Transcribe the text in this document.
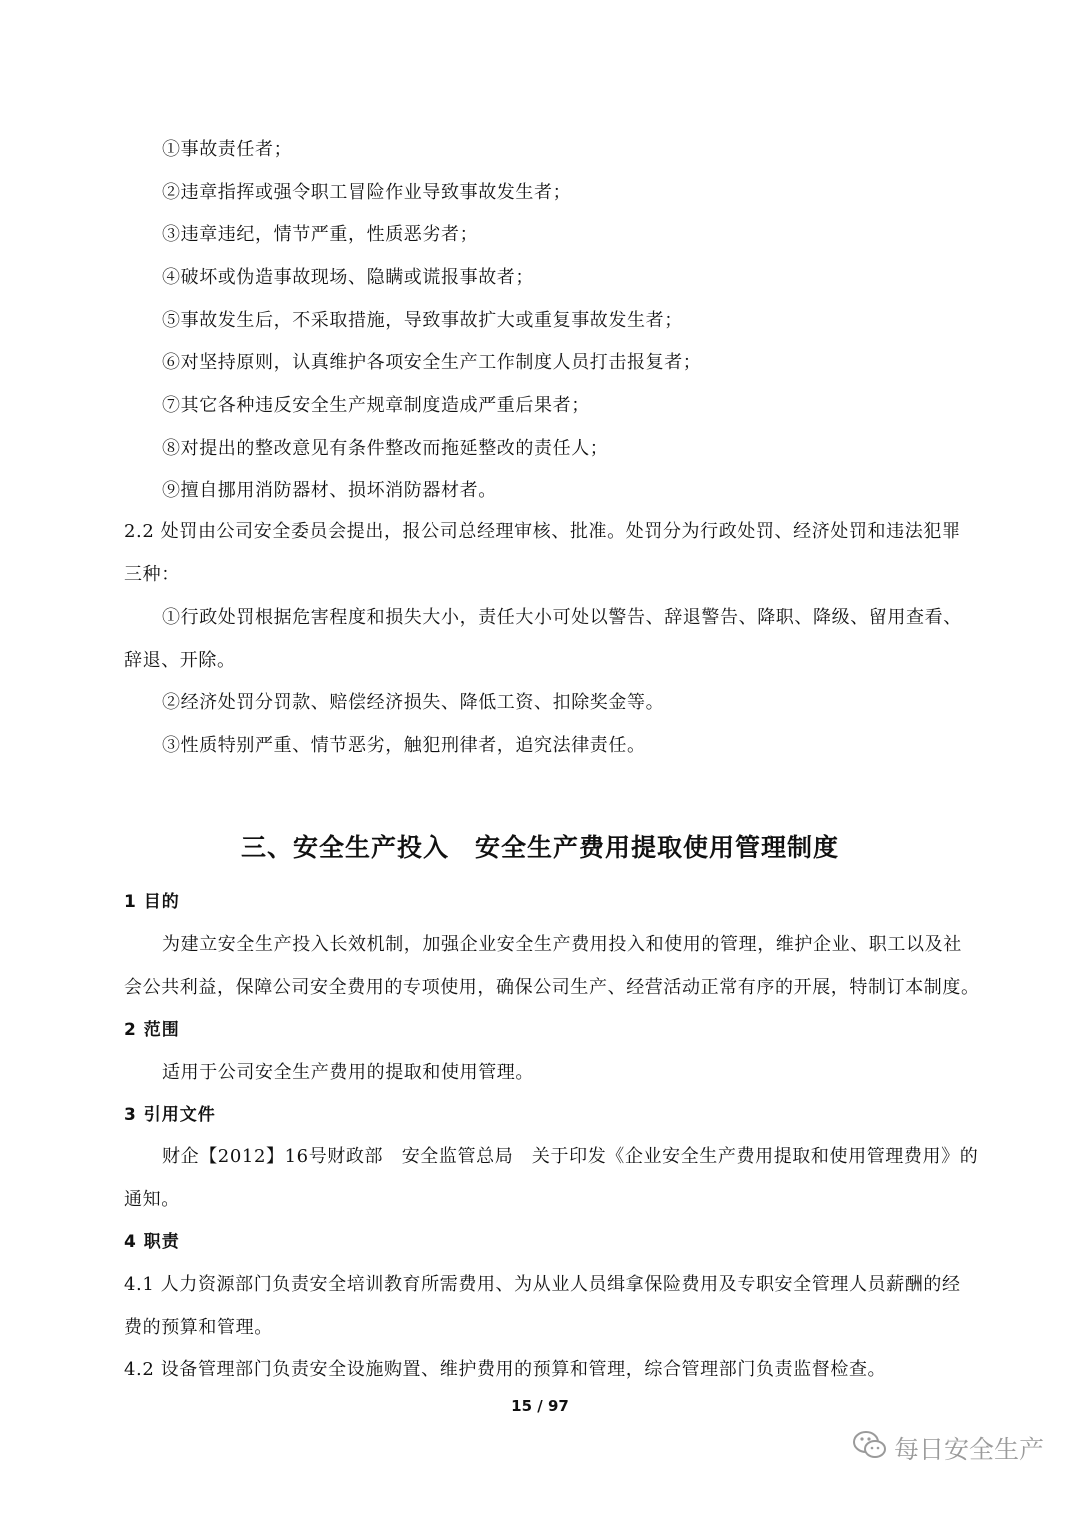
①事故责任者；
②违章指挥或强令职工冒险作业导致事故发生者；
③违章违纪，情节严重，性质恶劣者；
④破坏或伪造事故现场、隐瞒或谎报事故者；
⑤事故发生后，不采取措施，导致事故扩大或重复事故发生者；
⑥对坚持原则，认真维护各项安全生产工作制度人员打击报复者；
⑦其它各种违反安全生产规章制度造成严重后果者；
⑧对提出的整改意见有条件整改而拖延整改的责任人；
⑨擅自挪用消防器材、损坏消防器材者。
2.2 处罚由公司安全委员会提出，报公司总经理审核、批准。处罚分为行政处罚、经济处罚和违法犯罪
三种：
①行政处罚根据危害程度和损失大小，责任大小可处以警告、辞退警告、降职、降级、留用查看、
辞退、开除。
②经济处罚分罚款、赔偿经济损失、降低工资、扣除奖金等。
③性质特别严重、情节恶劣，触犯刑律者，追究法律责任。
三、安全生产投入　安全生产费用提取使用管理制度
1 目的
为建立安全生产投入长效机制，加强企业安全生产费用投入和使用的管理，维护企业、职工以及社
会公共利益，保障公司安全费用的专项使用，确保公司生产、经营活动正常有序的开展，特制订本制度。
2 范围
适用于公司安全生产费用的提取和使用管理。
3 引用文件
财企【2012】16号财政部　安全监管总局　关于印发《企业安全生产费用提取和使用管理费用》的
通知。
4 职责
4.1 人力资源部门负责安全培训教育所需费用、为从业人员缉拿保险费用及专职安全管理人员薪酬的经
费的预算和管理。
4.2 设备管理部门负责安全设施购置、维护费用的预算和管理，综合管理部门负责监督检查。
15 / 97
每日安全生产
